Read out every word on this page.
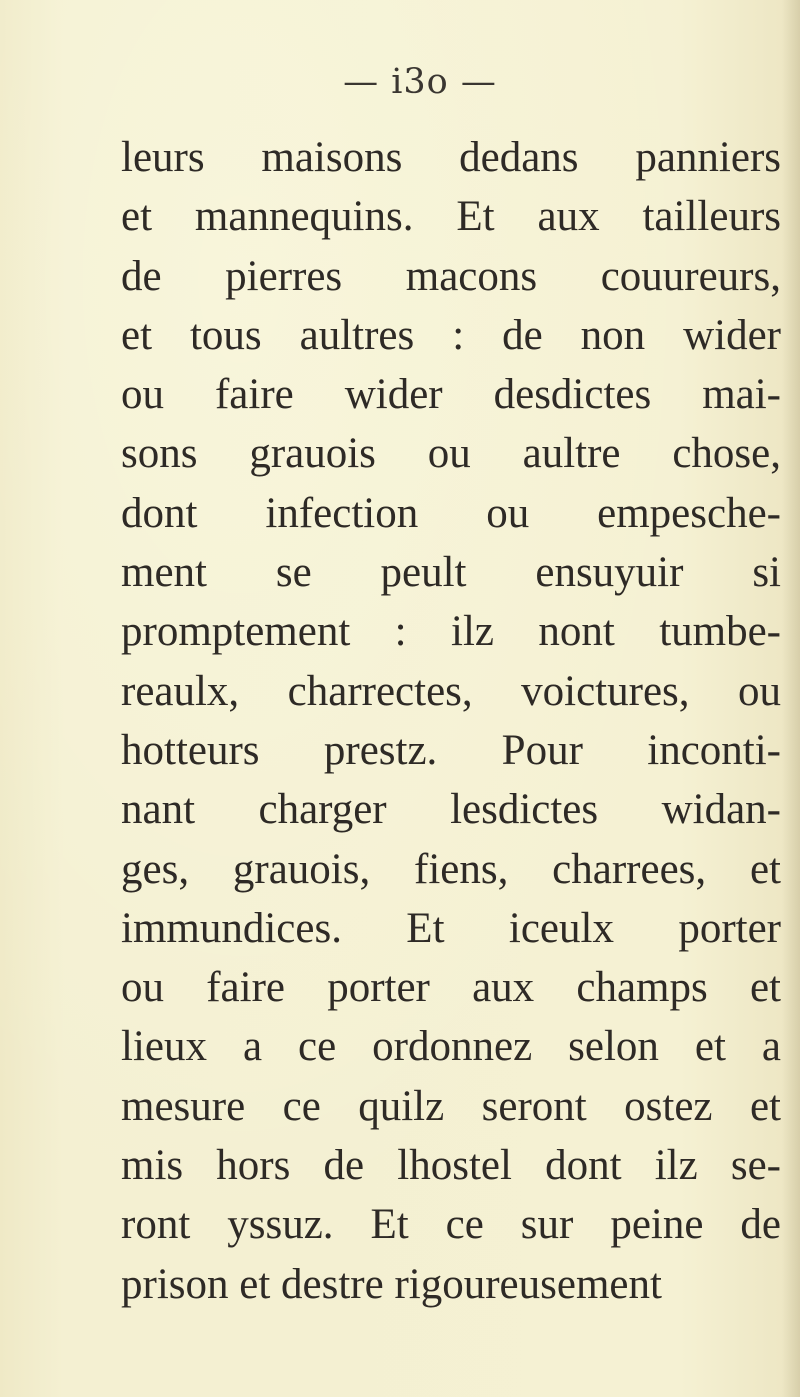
— i3o —
leurs maisons dedans panniers
et mannequins. Et aux tailleurs
de pierres macons couureurs,
et tous aultres : de non wider
ou faire wider desdictes mai-
sons grauois ou aultre chose,
dont infection ou empesche-
ment se peult ensuyuir si
promptement : ilz nont tumbe-
reaulx, charrectes, voictures, ou
hotteurs prestz. Pour inconti-
nant charger lesdictes widan-
ges, grauois, fiens, charrees, et
immundices. Et iceulx porter
ou faire porter aux champs et
lieux a ce ordonnez selon et a
mesure ce quilz seront ostez et
mis hors de lhostel dont ilz se-
ront yssuz. Et ce sur peine de
prison et destre rigoureusement
